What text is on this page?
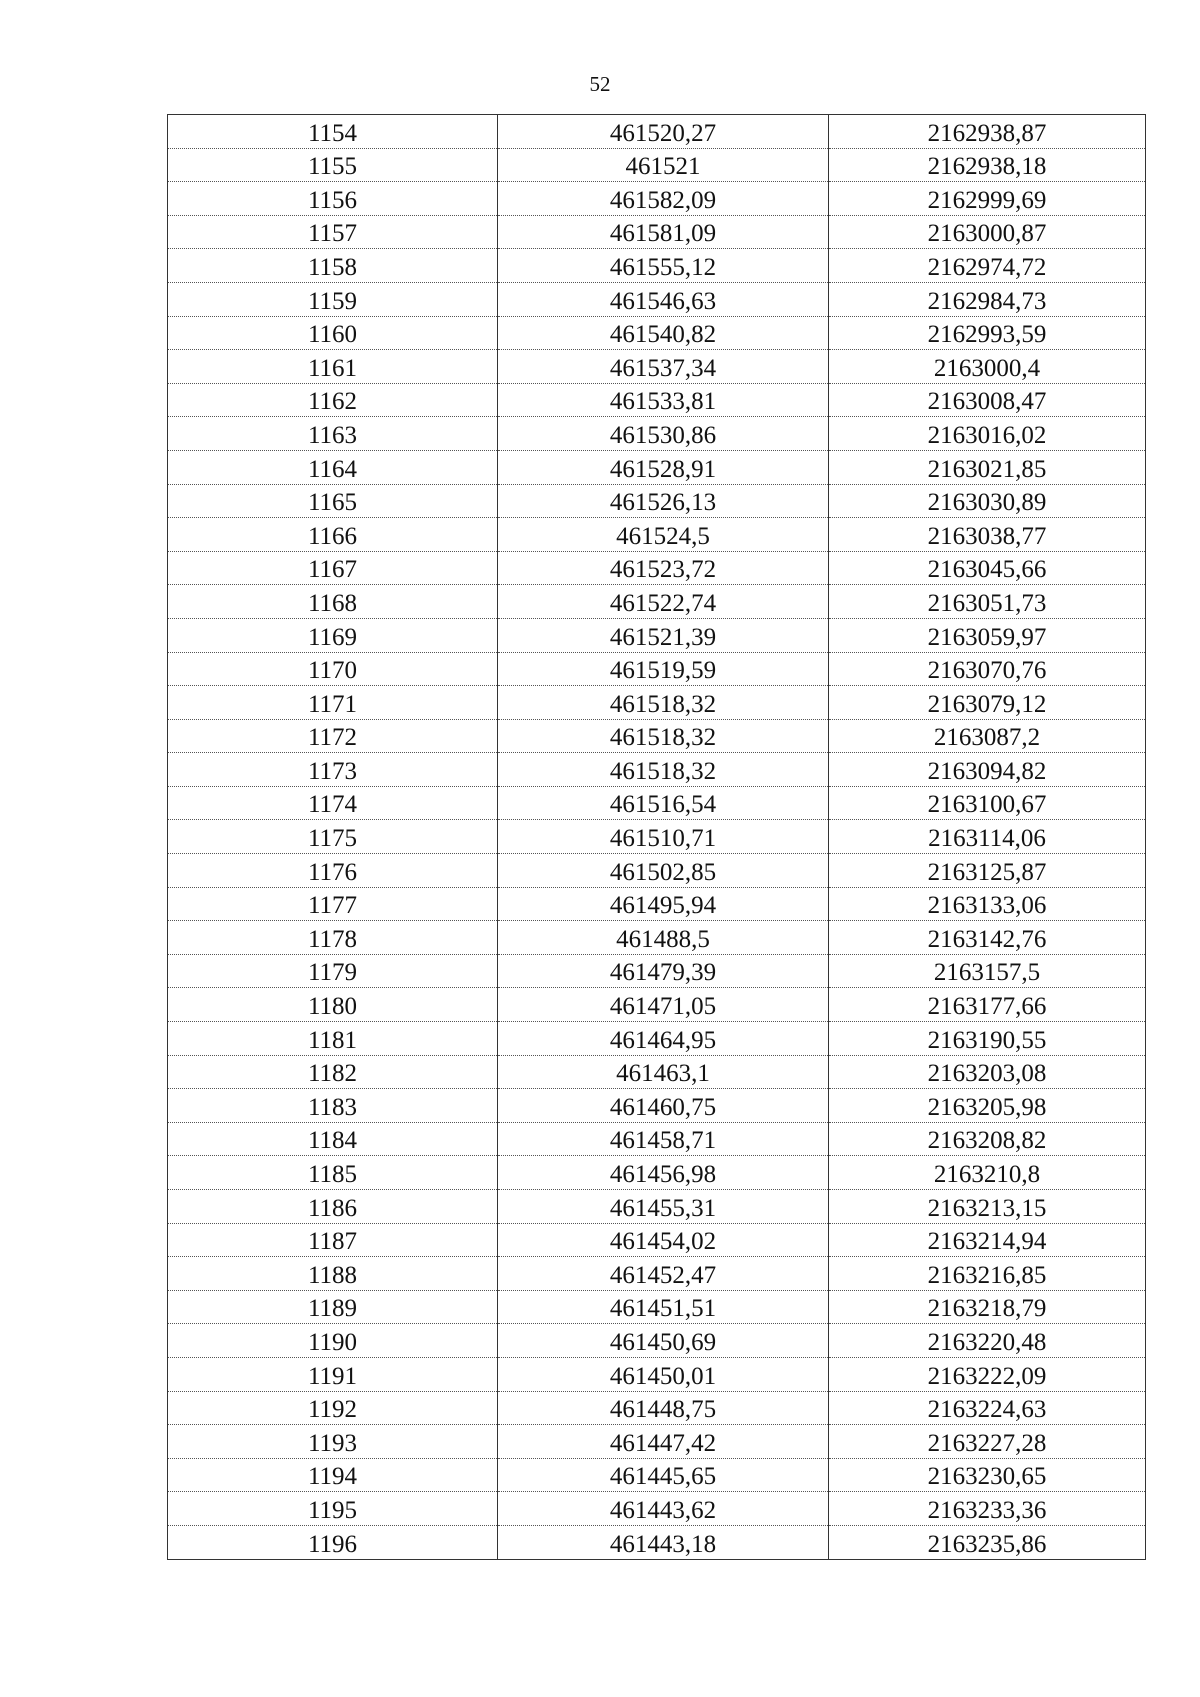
52
1154	461520,27	2162938,87
1155	461521	2162938,18
1156	461582,09	2162999,69
1157	461581,09	2163000,87
1158	461555,12	2162974,72
1159	461546,63	2162984,73
1160	461540,82	2162993,59
1161	461537,34	2163000,4
1162	461533,81	2163008,47
1163	461530,86	2163016,02
1164	461528,91	2163021,85
1165	461526,13	2163030,89
1166	461524,5	2163038,77
1167	461523,72	2163045,66
1168	461522,74	2163051,73
1169	461521,39	2163059,97
1170	461519,59	2163070,76
1171	461518,32	2163079,12
1172	461518,32	2163087,2
1173	461518,32	2163094,82
1174	461516,54	2163100,67
1175	461510,71	2163114,06
1176	461502,85	2163125,87
1177	461495,94	2163133,06
1178	461488,5	2163142,76
1179	461479,39	2163157,5
1180	461471,05	2163177,66
1181	461464,95	2163190,55
1182	461463,1	2163203,08
1183	461460,75	2163205,98
1184	461458,71	2163208,82
1185	461456,98	2163210,8
1186	461455,31	2163213,15
1187	461454,02	2163214,94
1188	461452,47	2163216,85
1189	461451,51	2163218,79
1190	461450,69	2163220,48
1191	461450,01	2163222,09
1192	461448,75	2163224,63
1193	461447,42	2163227,28
1194	461445,65	2163230,65
1195	461443,62	2163233,36
1196	461443,18	2163235,86
